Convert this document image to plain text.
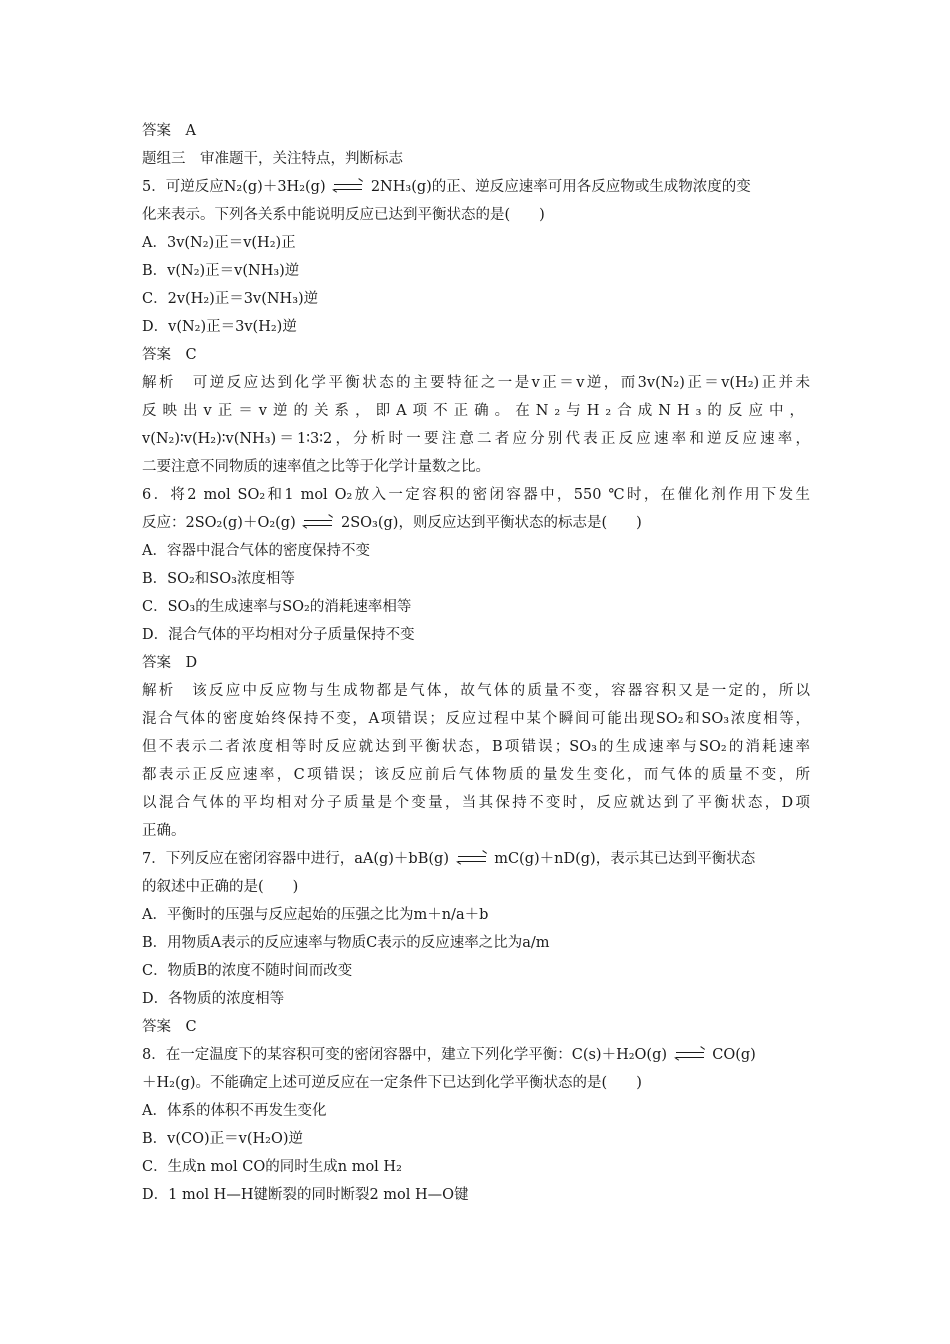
答案　A
题组三　审准题干，关注特点，判断标志
5．可逆反应N₂(g)＋3H₂(g)	2NH₃(g)的正、逆反应速率可用各反应物或生成物浓度的变
化来表示。下列各关系中能说明反应已达到平衡状态的是(　　)
A．3v(N₂)正＝v(H₂)正
B．v(N₂)正＝v(NH₃)逆
C．2v(H₂)正＝3v(NH₃)逆
D．v(N₂)正＝3v(H₂)逆
答案　C
解析　可逆反应达到化学平衡状态的主要特征之一是v正＝v逆，而3v(N₂)正＝v(H₂)正并未
反映出v正＝v逆的关系，即A项不正确。在N₂与H₂合成NH₃的反应中，
v(N₂)∶v(H₂)∶v(NH₃)＝1∶3∶2，分析时一要注意二者应分别代表正反应速率和逆反应速率，
二要注意不同物质的速率值之比等于化学计量数之比。
6．将2 mol SO₂和1 mol O₂放入一定容积的密闭容器中，550 ℃时，在催化剂作用下发生
反应：2SO₂(g)＋O₂(g)	2SO₃(g)，则反应达到平衡状态的标志是(　　)
A．容器中混合气体的密度保持不变
B．SO₂和SO₃浓度相等
C．SO₃的生成速率与SO₂的消耗速率相等
D．混合气体的平均相对分子质量保持不变
答案　D
解析　该反应中反应物与生成物都是气体，故气体的质量不变，容器容积又是一定的，所以
混合气体的密度始终保持不变，A项错误；反应过程中某个瞬间可能出现SO₂和SO₃浓度相等，
但不表示二者浓度相等时反应就达到平衡状态，B项错误；SO₃的生成速率与SO₂的消耗速率
都表示正反应速率，C项错误；该反应前后气体物质的量发生变化，而气体的质量不变，所
以混合气体的平均相对分子质量是个变量，当其保持不变时，反应就达到了平衡状态，D项
正确。
7．下列反应在密闭容器中进行，aA(g)＋bB(g)	mC(g)＋nD(g)，表示其已达到平衡状态
的叙述中正确的是(　　)
A．平衡时的压强与反应起始的压强之比为m＋n/a＋b
B．用物质A表示的反应速率与物质C表示的反应速率之比为a/m
C．物质B的浓度不随时间而改变
D．各物质的浓度相等
答案　C
8．在一定温度下的某容积可变的密闭容器中，建立下列化学平衡：C(s)＋H₂O(g)	CO(g)
＋H₂(g)。不能确定上述可逆反应在一定条件下已达到化学平衡状态的是(　　)
A．体系的体积不再发生变化
B．v(CO)正＝v(H₂O)逆
C．生成n mol CO的同时生成n mol H₂
D．1 mol H—H键断裂的同时断裂2 mol H—O键
